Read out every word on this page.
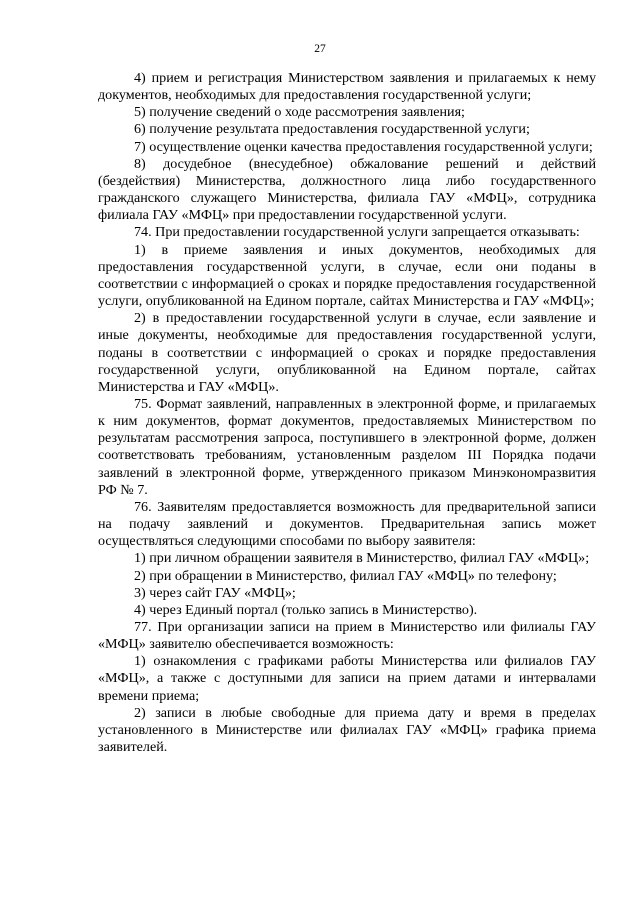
27

4) прием и регистрация Министерством заявления и прилагаемых к нему документов, необходимых для предоставления государственной услуги;

5) получение сведений о ходе рассмотрения заявления;

6) получение результата предоставления государственной услуги;

7) осуществление оценки качества предоставления государственной услуги;

8) досудебное (внесудебное) обжалование решений и действий (бездействия) Министерства, должностного лица либо государственного гражданского служащего Министерства, филиала ГАУ «МФЦ», сотрудника филиала ГАУ «МФЦ» при предоставлении государственной услуги.

74. При предоставлении государственной услуги запрещается отказывать:

1) в приеме заявления и иных документов, необходимых для предоставления государственной услуги, в случае, если они поданы в соответствии с информацией о сроках и порядке предоставления государственной услуги, опубликованной на Едином портале, сайтах Министерства и ГАУ «МФЦ»;

2) в предоставлении государственной услуги в случае, если заявление и иные документы, необходимые для предоставления государственной услуги, поданы в соответствии с информацией о сроках и порядке предоставления государственной услуги, опубликованной на Едином портале, сайтах Министерства и ГАУ «МФЦ».

75. Формат заявлений, направленных в электронной форме, и прилагаемых к ним документов, формат документов, предоставляемых Министерством по результатам рассмотрения запроса, поступившего в электронной форме, должен соответствовать требованиям, установленным разделом III Порядка подачи заявлений в электронной форме, утвержденного приказом Минэкономразвития РФ № 7.

76. Заявителям предоставляется возможность для предварительной записи на подачу заявлений и документов. Предварительная запись может осуществляться следующими способами по выбору заявителя:

1) при личном обращении заявителя в Министерство, филиал ГАУ «МФЦ»;

2) при обращении в Министерство, филиал ГАУ «МФЦ» по телефону;

3) через сайт ГАУ «МФЦ»;

4) через Единый портал (только запись в Министерство).

77. При организации записи на прием в Министерство или филиалы ГАУ «МФЦ» заявителю обеспечивается возможность:

1) ознакомления с графиками работы Министерства или филиалов ГАУ «МФЦ», а также с доступными для записи на прием датами и интервалами времени приема;

2) записи в любые свободные для приема дату и время в пределах установленного в Министерстве или филиалах ГАУ «МФЦ» графика приема заявителей.
